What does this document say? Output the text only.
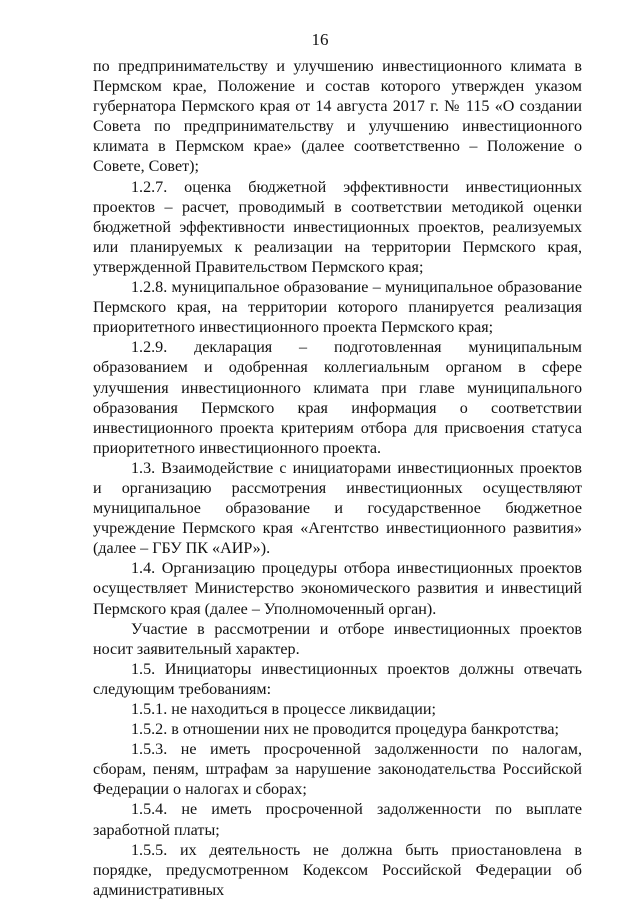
16

по предпринимательству и улучшению инвестиционного климата в Пермском крае, Положение и состав которого утвержден указом губернатора Пермского края от 14 августа 2017 г. № 115 «О создании Совета по предпринимательству и улучшению инвестиционного климата в Пермском крае» (далее соответственно – Положение о Совете, Совет);

1.2.7. оценка бюджетной эффективности инвестиционных проектов – расчет, проводимый в соответствии методикой оценки бюджетной эффективности инвестиционных проектов, реализуемых или планируемых к реализации на территории Пермского края, утвержденной Правительством Пермского края;

1.2.8. муниципальное образование – муниципальное образование Пермского края, на территории которого планируется реализация приоритетного инвестиционного проекта Пермского края;

1.2.9. декларация – подготовленная муниципальным образованием и одобренная коллегиальным органом в сфере улучшения инвестиционного климата при главе муниципального образования Пермского края информация о соответствии инвестиционного проекта критериям отбора для присвоения статуса приоритетного инвестиционного проекта.

1.3. Взаимодействие с инициаторами инвестиционных проектов и организацию рассмотрения инвестиционных осуществляют муниципальное образование и государственное бюджетное учреждение Пермского края «Агентство инвестиционного развития» (далее – ГБУ ПК «АИР»).

1.4. Организацию процедуры отбора инвестиционных проектов осуществляет Министерство экономического развития и инвестиций Пермского края (далее – Уполномоченный орган).

Участие в рассмотрении и отборе инвестиционных проектов носит заявительный характер.

1.5. Инициаторы инвестиционных проектов должны отвечать следующим требованиям:

1.5.1. не находиться в процессе ликвидации;

1.5.2. в отношении них не проводится процедура банкротства;

1.5.3. не иметь просроченной задолженности по налогам, сборам, пеням, штрафам за нарушение законодательства Российской Федерации о налогах и сборах;

1.5.4. не иметь просроченной задолженности по выплате заработной платы;

1.5.5. их деятельность не должна быть приостановлена в порядке, предусмотренном Кодексом Российской Федерации об административных
